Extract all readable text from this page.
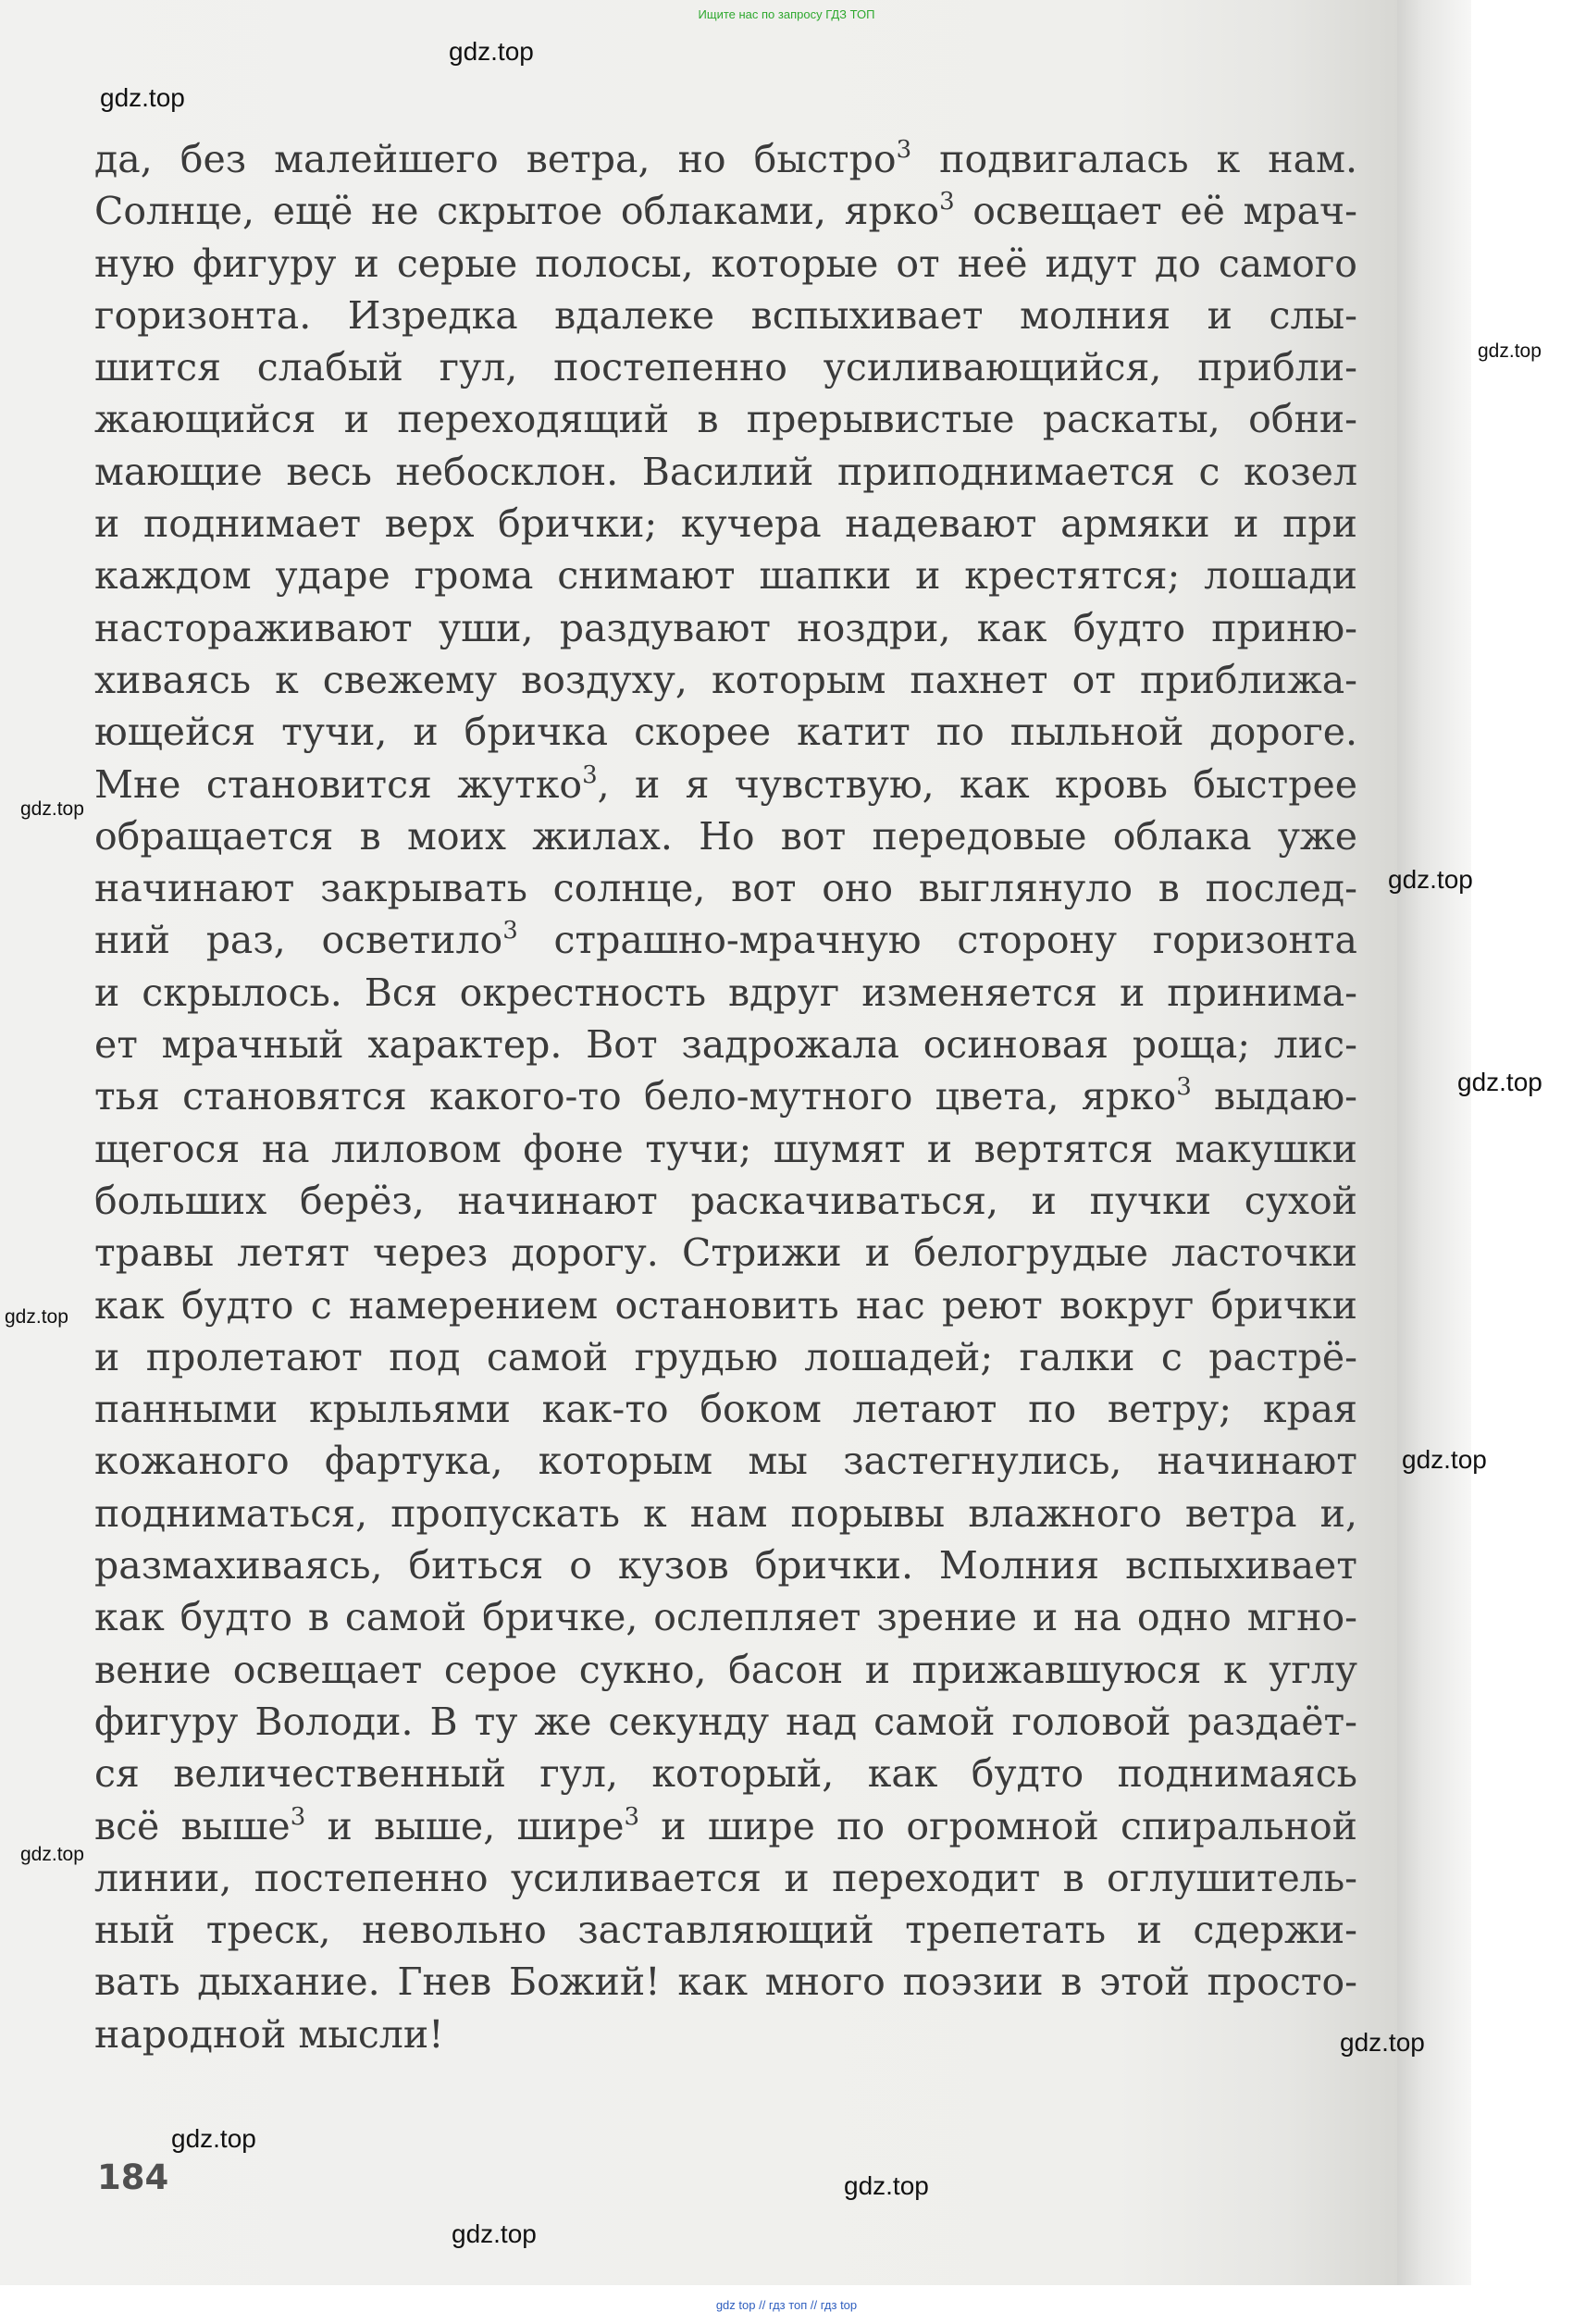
Ищите нас по запросу ГДЗ ТОП
да, без малейшего ветра, но быстро$^3$ подвигалась к нам.
Солнце, ещё не скрытое облаками, ярко$^3$ освещает её мрач-
ную фигуру и серые полосы, которые от неё идут до самого
горизонта. Изредка вдалеке вспыхивает молния и слы-
шится слабый гул, постепенно усиливающийся, прибли-
жающийся и переходящий в прерывистые раскаты, обни-
мающие весь небосклон. Василий приподнимается с козел
и поднимает верх брички; кучера надевают армяки и при
каждом ударе грома снимают шапки и крестятся; лошади
настораживают уши, раздувают ноздри, как будто приню-
хиваясь к свежему воздуху, которым пахнет от приближа-
ющейся тучи, и бричка скорее катит по пыльной дороге.
Мне становится жутко$^3$, и я чувствую, как кровь быстрее
обращается в моих жилах. Но вот передовые облака уже
начинают закрывать солнце, вот оно выглянуло в послед-
ний раз, осветило$^3$ страшно-мрачную сторону горизонта
и скрылось. Вся окрестность вдруг изменяется и принима-
ет мрачный характер. Вот задрожала осиновая роща; лис-
тья становятся какого-то бело-мутного цвета, ярко$^3$ выдаю-
щегося на лиловом фоне тучи; шумят и вертятся макушки
больших берёз, начинают раскачиваться, и пучки сухой
травы летят через дорогу. Стрижи и белогрудые ласточки
как будто с намерением остановить нас реют вокруг брички
и пролетают под самой грудью лошадей; галки с растрё-
панными крыльями как-то боком летают по ветру; края
кожаного фартука, которым мы застегнулись, начинают
подниматься, пропускать к нам порывы влажного ветра и,
размахиваясь, биться о кузов брички. Молния вспыхивает
как будто в самой бричке, ослепляет зрение и на одно мгно-
вение освещает серое сукно, басон и прижавшуюся к углу
фигуру Володи. В ту же секунду над самой головой раздаёт-
ся величественный гул, который, как будто поднимаясь
всё выше$^3$ и выше, шире$^3$ и шире по огромной спиральной
линии, постепенно усиливается и переходит в оглушитель-
ный треск, невольно заставляющий трепетать и сдержи-
вать дыхание. Гнев Божий! как много поэзии в этой просто-
народной мысли!
184
gdz.top
gdz.top
gdz.top
gdz.top
gdz.top
gdz.top
gdz.top
gdz.top
gdz.top
gdz.top
gdz.top
gdz.top
gdz.top
gdz top // гдз топ // гдз top
